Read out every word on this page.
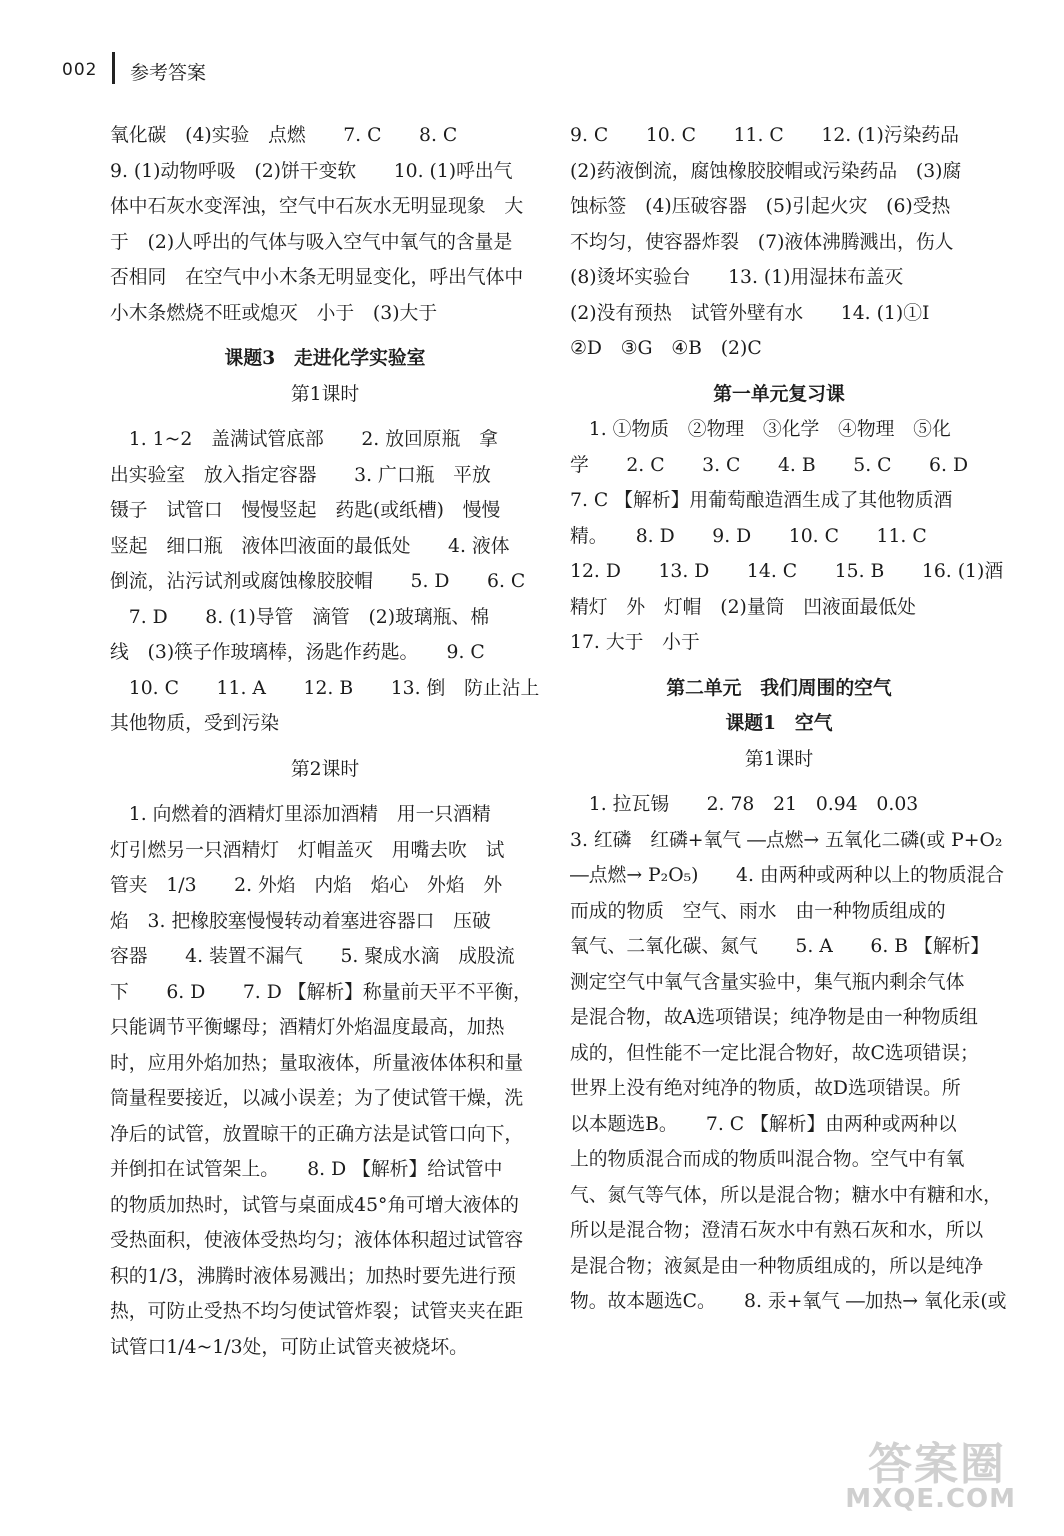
002 参考答案

氧化碳　(4)实验　点燃　　7. C　　8. C

9. (1)动物呼吸　(2)饼干变软　　10. (1)呼出气

体中石灰水变浑浊，空气中石灰水无明显现象　大

于　(2)人呼出的气体与吸入空气中氧气的含量是

否相同　在空气中小木条无明显变化，呼出气体中

小木条燃烧不旺或熄灭　小于　(3)大于

课题3　走进化学实验室

第1课时

　1. 1~2　盖满试管底部　　2. 放回原瓶　拿

出实验室　放入指定容器　　3. 广口瓶　平放

镊子　试管口　慢慢竖起　药匙(或纸槽)　慢慢

竖起　细口瓶　液体凹液面的最低处　　4. 液体

倒流，沾污试剂或腐蚀橡胶胶帽　　5. D　　6. C

　7. D　　8. (1)导管　滴管　(2)玻璃瓶、棉

线　(3)筷子作玻璃棒，汤匙作药匙。　　9. C

　10. C　　11. A　　12. B　　13. 倒　防止沾上

其他物质，受到污染

第2课时

　1. 向燃着的酒精灯里添加酒精　用一只酒精

灯引燃另一只酒精灯　灯帽盖灭　用嘴去吹　试

管夹　1/3　　2. 外焰　内焰　焰心　外焰　外

焰　3. 把橡胶塞慢慢转动着塞进容器口　压破

容器　　4. 装置不漏气　　5. 聚成水滴　成股流

下　　6. D　　7. D 【解析】称量前天平不平衡，

只能调节平衡螺母；酒精灯外焰温度最高，加热

时，应用外焰加热；量取液体，所量液体体积和量

筒量程要接近，以减小误差；为了使试管干燥，洗

净后的试管，放置晾干的正确方法是试管口向下，

并倒扣在试管架上。　　8. D 【解析】给试管中

的物质加热时，试管与桌面成45°角可增大液体的

受热面积，使液体受热均匀；液体体积超过试管容

积的1/3，沸腾时液体易溅出；加热时要先进行预

热，可防止受热不均匀使试管炸裂；试管夹夹在距

试管口1/4~1/3处，可防止试管夹被烧坏。

9. C　　10. C　　11. C　　12. (1)污染药品

(2)药液倒流，腐蚀橡胶胶帽或污染药品　(3)腐

蚀标签　(4)压破容器　(5)引起火灾　(6)受热

不均匀，使容器炸裂　(7)液体沸腾溅出，伤人

(8)烫坏实验台　　13. (1)用湿抹布盖灭

(2)没有预热　试管外壁有水　　14. (1)①I

②D　③G　④B　(2)C

第一单元复习课

　1. ①物质　②物理　③化学　④物理　⑤化

学　　2. C　　3. C　　4. B　　5. C　　6. D

7. C 【解析】用葡萄酿造酒生成了其他物质酒

精。　　8. D　　9. D　　10. C　　11. C

12. D　　13. D　　14. C　　15. B　　16. (1)酒

精灯　外　灯帽　(2)量筒　凹液面最低处

17. 大于　小于

第二单元　我们周围的空气

课题1　空气

第1课时

　1. 拉瓦锡　　2. 78　21　0.94　0.03

3. 红磷　红磷+氧气 ―点燃→ 五氧化二磷(或 P+O₂

―点燃→ P₂O₅)　　4. 由两种或两种以上的物质混合

而成的物质　空气、雨水　由一种物质组成的

氧气、二氧化碳、氮气　　5. A　　6. B 【解析】

测定空气中氧气含量实验中，集气瓶内剩余气体

是混合物，故A选项错误；纯净物是由一种物质组

成的，但性能不一定比混合物好，故C选项错误；

世界上没有绝对纯净的物质，故D选项错误。所

以本题选B。　　7. C 【解析】由两种或两种以

上的物质混合而成的物质叫混合物。空气中有氧

气、氮气等气体，所以是混合物；糖水中有糖和水，

所以是混合物；澄清石灰水中有熟石灰和水，所以

是混合物；液氮是由一种物质组成的，所以是纯净

物。故本题选C。　　8. 汞+氧气 ―加热→ 氧化汞(或

答案圈
MXQE.COM
